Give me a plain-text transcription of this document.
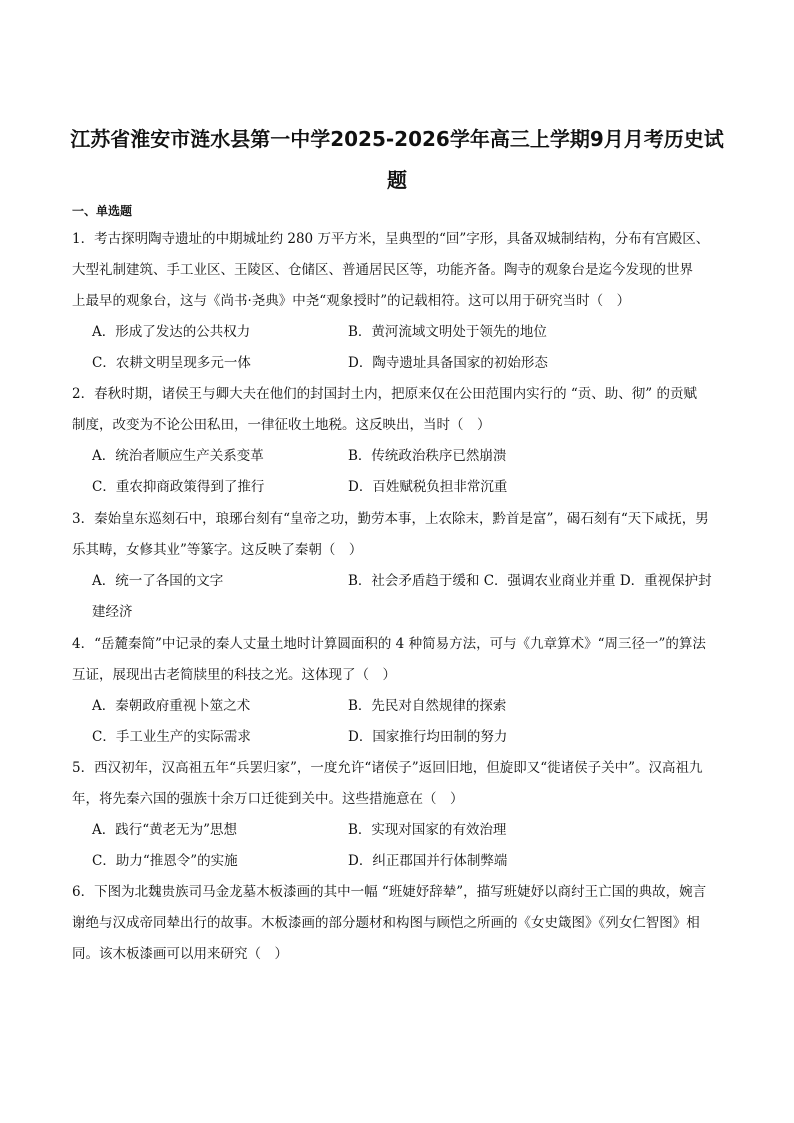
江苏省淮安市涟水县第一中学2025-2026学年高三上学期9月月考历史试
题
一、单选题
1．考古探明陶寺遗址的中期城址约 280 万平方米，呈典型的“回”字形，具备双城制结构，分布有宫殿区、
大型礼制建筑、手工业区、王陵区、仓储区、普通居民区等，功能齐备。陶寺的观象台是迄今发现的世界
上最早的观象台，这与《尚书·尧典》中尧“观象授时”的记载相符。这可以用于研究当时（　）
A．形成了发达的公共权力	B．黄河流域文明处于领先的地位
C．农耕文明呈现多元一体	D．陶寺遗址具备国家的初始形态
2．春秋时期，诸侯王与卿大夫在他们的封国封土内，把原来仅在公田范围内实行的 “贡、助、彻” 的贡赋
制度，改变为不论公田私田，一律征收土地税。这反映出，当时（　）
A．统治者顺应生产关系变革	B．传统政治秩序已然崩溃
C．重农抑商政策得到了推行	D．百姓赋税负担非常沉重
3．秦始皇东巡刻石中，琅琊台刻有“皇帝之功，勤劳本事，上农除末，黔首是富”，碣石刻有“天下咸抚，男
乐其畴，女修其业”等篆字。这反映了秦朝（　）
A．统一了各国的文字	B．社会矛盾趋于缓和 C．强调农业商业并重 D．重视保护封
建经济
4．“岳麓秦简”中记录的秦人丈量土地时计算圆面积的 4 种简易方法，可与《九章算术》“周三径一”的算法
互证，展现出古老简牍里的科技之光。这体现了（　）
A．秦朝政府重视卜筮之术	B．先民对自然规律的探索
C．手工业生产的实际需求	D．国家推行均田制的努力
5．西汉初年，汉高祖五年“兵罢归家”，一度允许“诸侯子”返回旧地，但旋即又“徙诸侯子关中”。汉高祖九
年，将先秦六国的强族十余万口迁徙到关中。这些措施意在（　）
A．践行“黄老无为”思想	B．实现对国家的有效治理
C．助力“推恩令”的实施	D．纠正郡国并行体制弊端
6．下图为北魏贵族司马金龙墓木板漆画的其中一幅 “班婕妤辞辇”，描写班婕妤以商纣王亡国的典故，婉言
谢绝与汉成帝同辇出行的故事。木板漆画的部分题材和构图与顾恺之所画的《女史箴图》《列女仁智图》相
同。该木板漆画可以用来研究（　）
